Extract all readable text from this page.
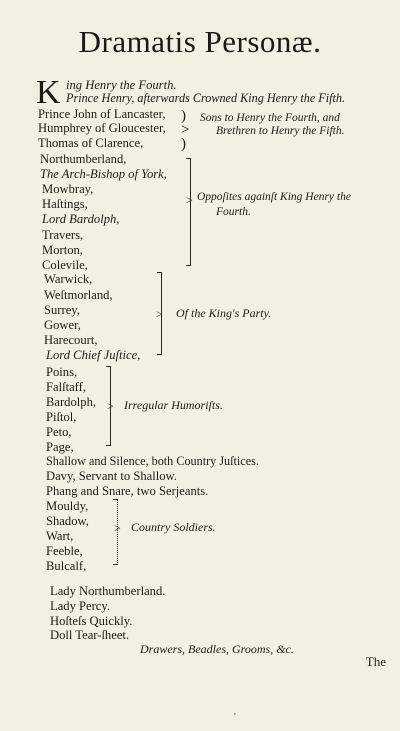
Dramatis Personæ.
K ing Henry the Fourth.
Prince Henry, afterwards Crowned King Henry the Fifth.
Prince John of Lancaster,
Humphrey of Gloucester,
Thomas of Clarence,
)
>
)
Sons to Henry the Fourth, and
Brethren to Henry the Fifth.
Northumberland,
The Arch-Bishop of York,
Mowbray,
Haſtings,
Lord Bardolph,
Travers,
Morton,
Colevile,
> Oppoſites againſt King Henry the
Fourth.
Warwick,
Weſtmorland,
Surrey,
Gower,
Harecourt,
Lord Chief Juſtice,
> Of the King's Party.
Poins,
Falſtaff,
Bardolph,
Piſtol,
Peto,
Page,
> Irregular Humoriſts.
Shallow and Silence, both Country Juſtices.
Davy, Servant to Shallow.
Phang and Snare, two Serjeants.
Mouldy,
Shadow,
Wart,
Feeble,
Bulcalf,
> Country Soldiers.
Lady Northumberland.
Lady Percy.
Hoſteſs Quickly.
Doll Tear-ſheet.
Drawers, Beadles, Grooms, &c.
The
'
